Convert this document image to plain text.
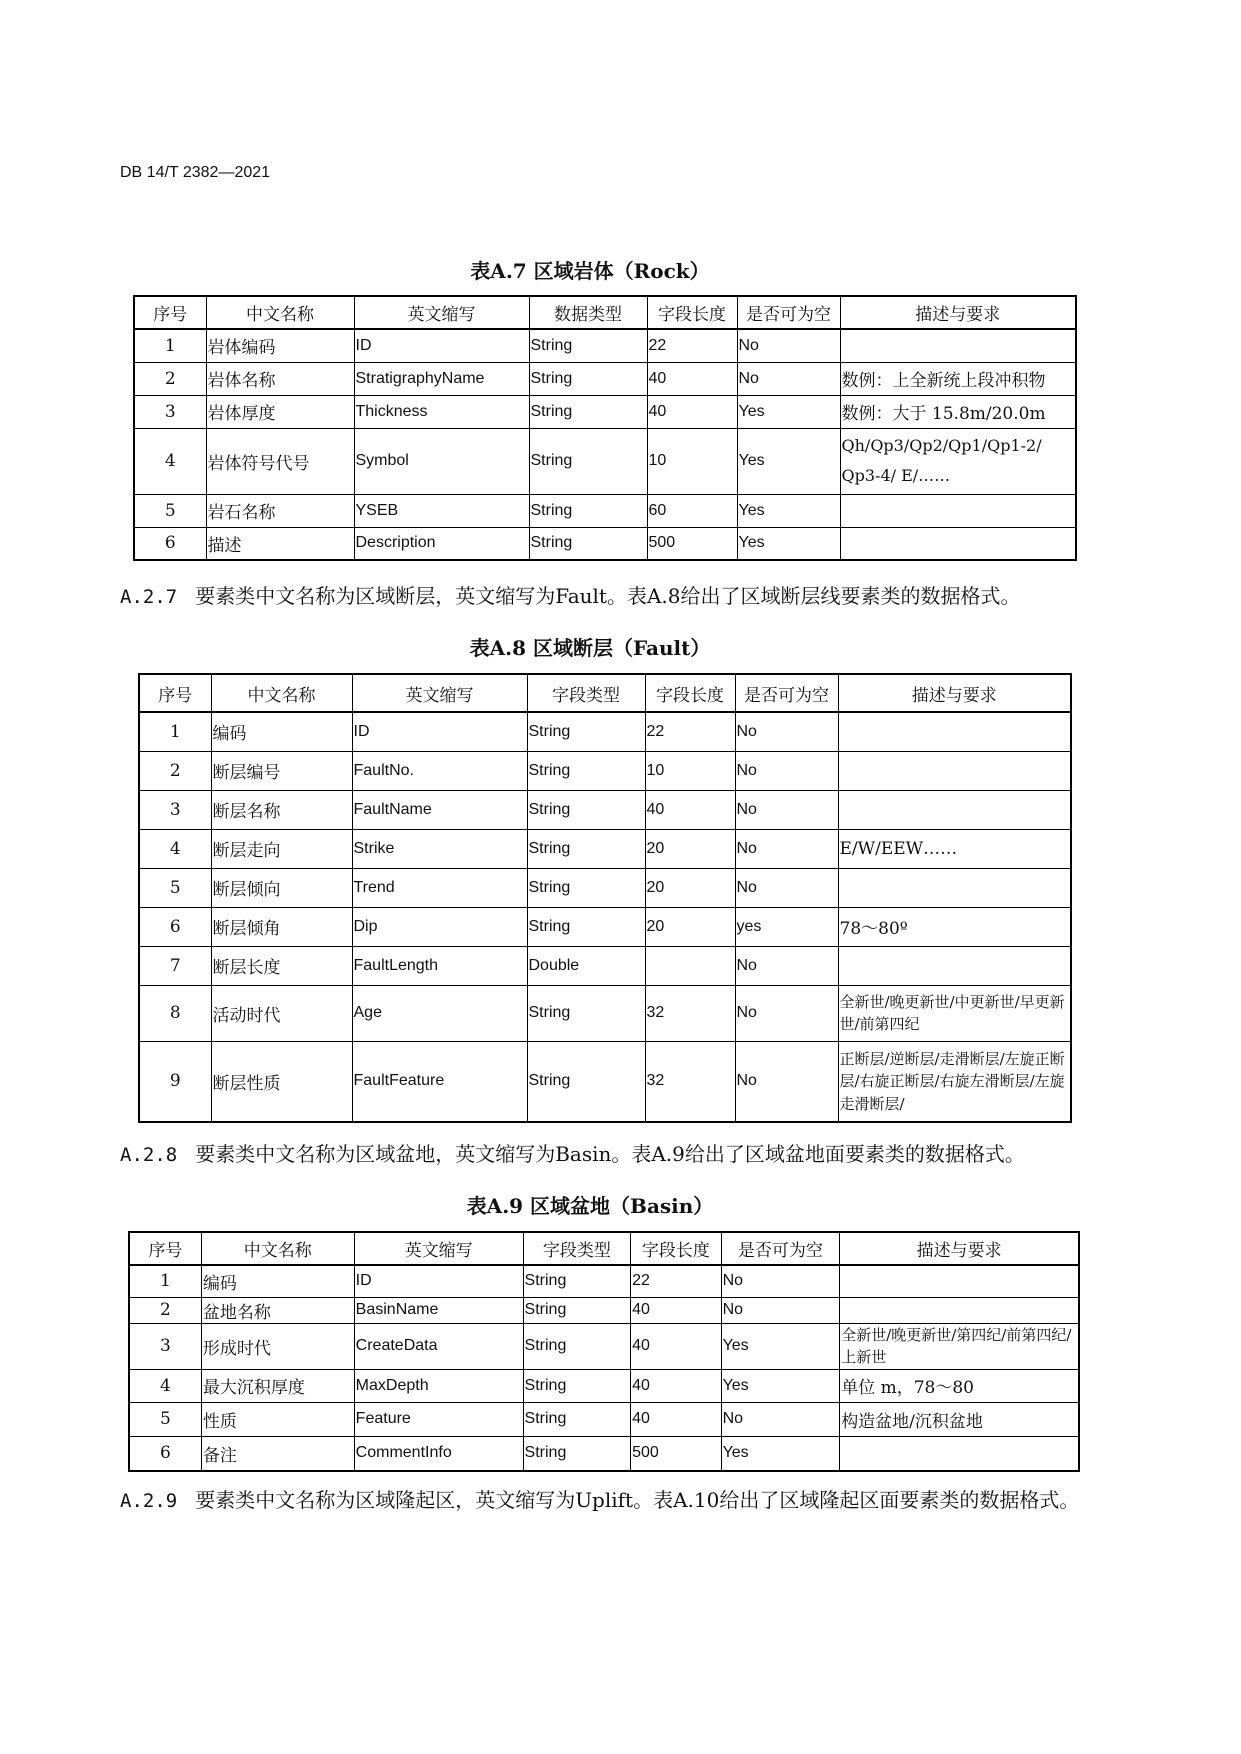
DB 14/T 2382—2021
表A.7 区域岩体（Rock）
序号	中文名称	英文缩写	数据类型	字段长度	是否可为空	描述与要求
1	岩体编码	ID	String	22	No	
2	岩体名称	StratigraphyName	String	40	No	数例：上全新统上段冲积物
3	岩体厚度	Thickness	String	40	Yes	数例：大于 15.8m/20.0m
4	岩体符号代号	Symbol	String	10	Yes	Qh/Qp3/Qp2/Qp1/Qp1-2/ Qp3-4/ E/……
5	岩石名称	YSEB	String	60	Yes	
6	描述	Description	String	500	Yes	
A.2.7 要素类中文名称为区域断层，英文缩写为Fault。表A.8给出了区域断层线要素类的数据格式。
表A.8 区域断层（Fault）
序号	中文名称	英文缩写	字段类型	字段长度	是否可为空	描述与要求
1	编码	ID	String	22	No	
2	断层编号	FaultNo.	String	10	No	
3	断层名称	FaultName	String	40	No	
4	断层走向	Strike	String	20	No	E/W/EEW……
5	断层倾向	Trend	String	20	No	
6	断层倾角	Dip	String	20	yes	78～80º
7	断层长度	FaultLength	Double		No	
8	活动时代	Age	String	32	No	全新世/晚更新世/中更新世/早更新世/前第四纪
9	断层性质	FaultFeature	String	32	No	正断层/逆断层/走滑断层/左旋正断层/右旋正断层/右旋左滑断层/左旋走滑断层/
A.2.8 要素类中文名称为区域盆地，英文缩写为Basin。表A.9给出了区域盆地面要素类的数据格式。
表A.9 区域盆地（Basin）
序号	中文名称	英文缩写	字段类型	字段长度	是否可为空	描述与要求
1	编码	ID	String	22	No	
2	盆地名称	BasinName	String	40	No	
3	形成时代	CreateData	String	40	Yes	全新世/晚更新世/第四纪/前第四纪/上新世
4	最大沉积厚度	MaxDepth	String	40	Yes	单位 m，78～80
5	性质	Feature	String	40	No	构造盆地/沉积盆地
6	备注	CommentInfo	String	500	Yes	
A.2.9 要素类中文名称为区域隆起区，英文缩写为Uplift。表A.10给出了区域隆起区面要素类的数据格式。
